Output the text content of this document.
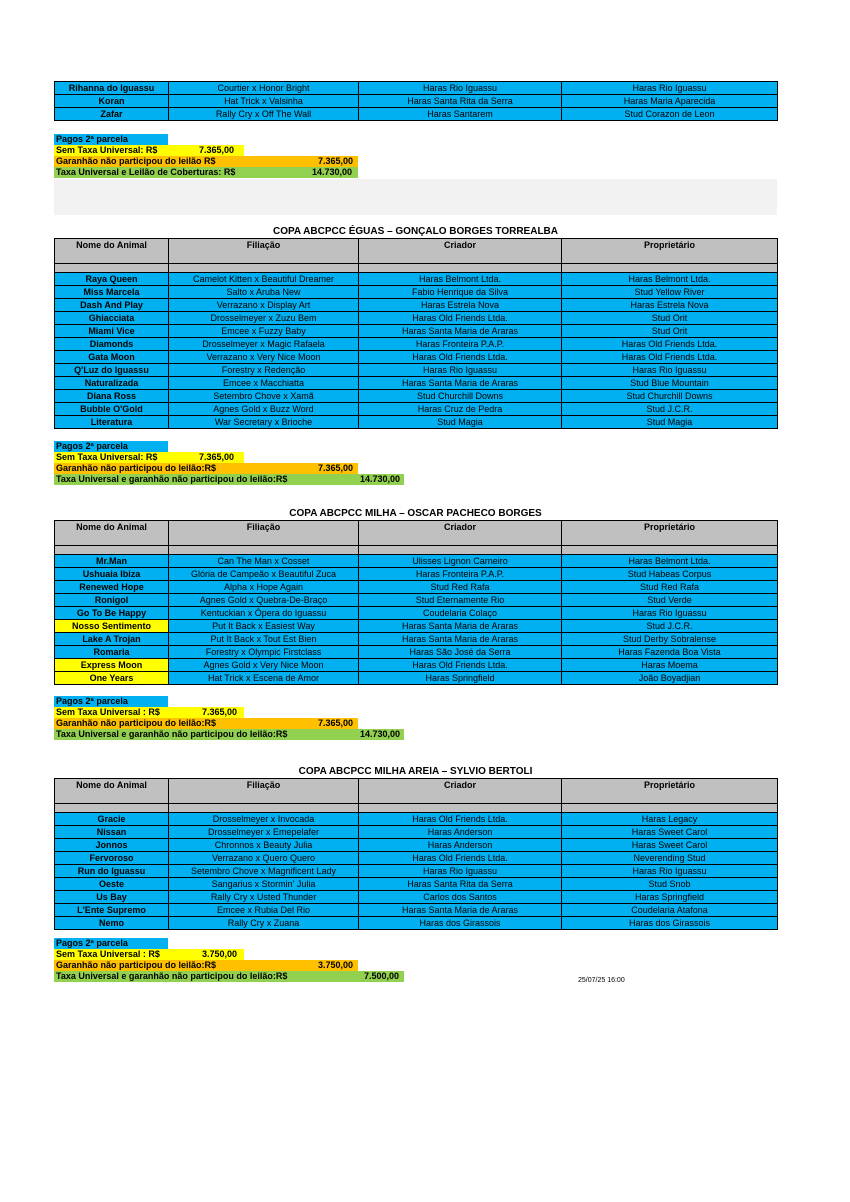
Rihanna do Iguassu	Courtier x Honor Bright	Haras Rio Iguassu	Haras Rio Iguassu
Koran	Hat Trick x Valsinha	Haras Santa Rita da Serra	Haras Maria Aparecida
Zafar	Rally Cry x Off The Wall	Haras Santarem	Stud Corazon de Leon
Pagos 2ª parcela
Sem Taxa Universal: R$	7.365,00
Garanhão não participou do leilão R$	7.365,00
Taxa Universal e Leilão de Coberturas: R$	14.730,00
COPA ABCPCC ÉGUAS – GONÇALO BORGES TORREALBA
Nome do Animal	Filiação	Criador	Proprietário

Raya Queen	Camelot Kitten x Beautiful Dreamer	Haras Belmont Ltda.	Haras Belmont Ltda.
Miss Marcela	Salto x Aruba New	Fabio Henrique da Silva	Stud Yellow River
Dash And Play	Verrazano x Display Art	Haras Estrela Nova	Haras Estrela Nova
Ghiacciata	Drosselmeyer x Zuzu Bem	Haras Old Friends Ltda.	Stud Orit
Miami Vice	Emcee x Fuzzy Baby	Haras Santa Maria de Araras	Stud Orit
Diamonds	Drosselmeyer x Magic Rafaela	Haras Fronteira P.A.P.	Haras Old Friends Ltda.
Gata Moon	Verrazano x Very Nice Moon	Haras Old Friends Ltda.	Haras Old Friends Ltda.
Q'Luz do Iguassu	Forestry x Redenção	Haras Rio Iguassu	Haras Rio Iguassu
Naturalizada	Emcee x Macchiatta	Haras Santa Maria de Araras	Stud Blue Mountain
Diana Ross	Setembro Chove x Xamã	Stud Churchill Downs	Stud Churchill Downs
Bubble O'Gold	Agnes Gold x Buzz Word	Haras Cruz de Pedra	Stud J.C.R.
Literatura	War Secretary x Brioche	Stud Magia	Stud Magia
Pagos 2ª parcela
Sem Taxa Universal: R$	7.365,00
Garanhão não participou do leilão:R$	7.365,00
Taxa Universal e garanhão não participou do leilão:R$	14.730,00
COPA ABCPCC MILHA – OSCAR PACHECO BORGES
Nome do Animal	Filiação	Criador	Proprietário

Mr.Man	Can The Man x Cosset	Ulisses Lignon Carneiro	Haras Belmont Ltda.
Ushuaia Ibiza	Glória de Campeão x Beautiful Zuca	Haras Fronteira P.A.P.	Stud Habeas Corpus
Renewed Hope	Alpha x Hope Again	Stud Red Rafa	Stud Red Rafa
Ronigol	Agnes Gold x Quebra-De-Braço	Stud Eternamente Rio	Stud Verde
Go To Be Happy	Kentuckian x Ópera do Iguassu	Coudelaria Colaço	Haras Rio Iguassu
Nosso Sentimento	Put It Back x Easiest Way	Haras Santa Maria de Araras	Stud J.C.R.
Lake A Trojan	Put It Back x Tout Est Bien	Haras Santa Maria de Araras	Stud Derby Sobralense
Romaria	Forestry x Olympic Firstclass	Haras São José da Serra	Haras Fazenda Boa Vista
Express Moon	Agnes Gold x Very Nice Moon	Haras Old Friends Ltda.	Haras Moema
One Years	Hat Trick x Escena de Amor	Haras Springfield	João Boyadjian
Pagos 2ª parcela
Sem Taxa Universal : R$	7.365,00
Garanhão não participou do leilão:R$	7.365,00
Taxa Universal e garanhão não participou do leilão:R$	14.730,00
COPA ABCPCC MILHA AREIA – SYLVIO BERTOLI
Nome do Animal	Filiação	Criador	Proprietário

Gracie	Drosselmeyer x Invocada	Haras Old Friends Ltda.	Haras Legacy
Nissan	Drosselmeyer x Emepelafer	Haras Anderson	Haras Sweet Carol
Jonnos	Chronnos x Beauty Julia	Haras Anderson	Haras Sweet Carol
Fervoroso	Verrazano x Quero Quero	Haras Old Friends Ltda.	Neverending Stud
Run do Iguassu	Setembro Chove x Magnificent Lady	Haras Rio Iguassu	Haras Rio Iguassu
Oeste	Sangarius x Stormin' Julia	Haras Santa Rita da Serra	Stud Snob
Us Bay	Rally Cry x Usted Thunder	Carlos dos Santos	Haras Springfield
L'Ente Supremo	Emcee x Rubia Del Rio	Haras Santa Maria de Araras	Coudelaria Atafona
Nemo	Rally Cry x Zuana	Haras dos Girassois	Haras dos Girassois
Pagos 2ª parcela
Sem Taxa Universal : R$	3.750,00
Garanhão não participou do leilão:R$	3.750,00
Taxa Universal e garanhão não participou do leilão:R$	7.500,00	25/07/25 16:00
